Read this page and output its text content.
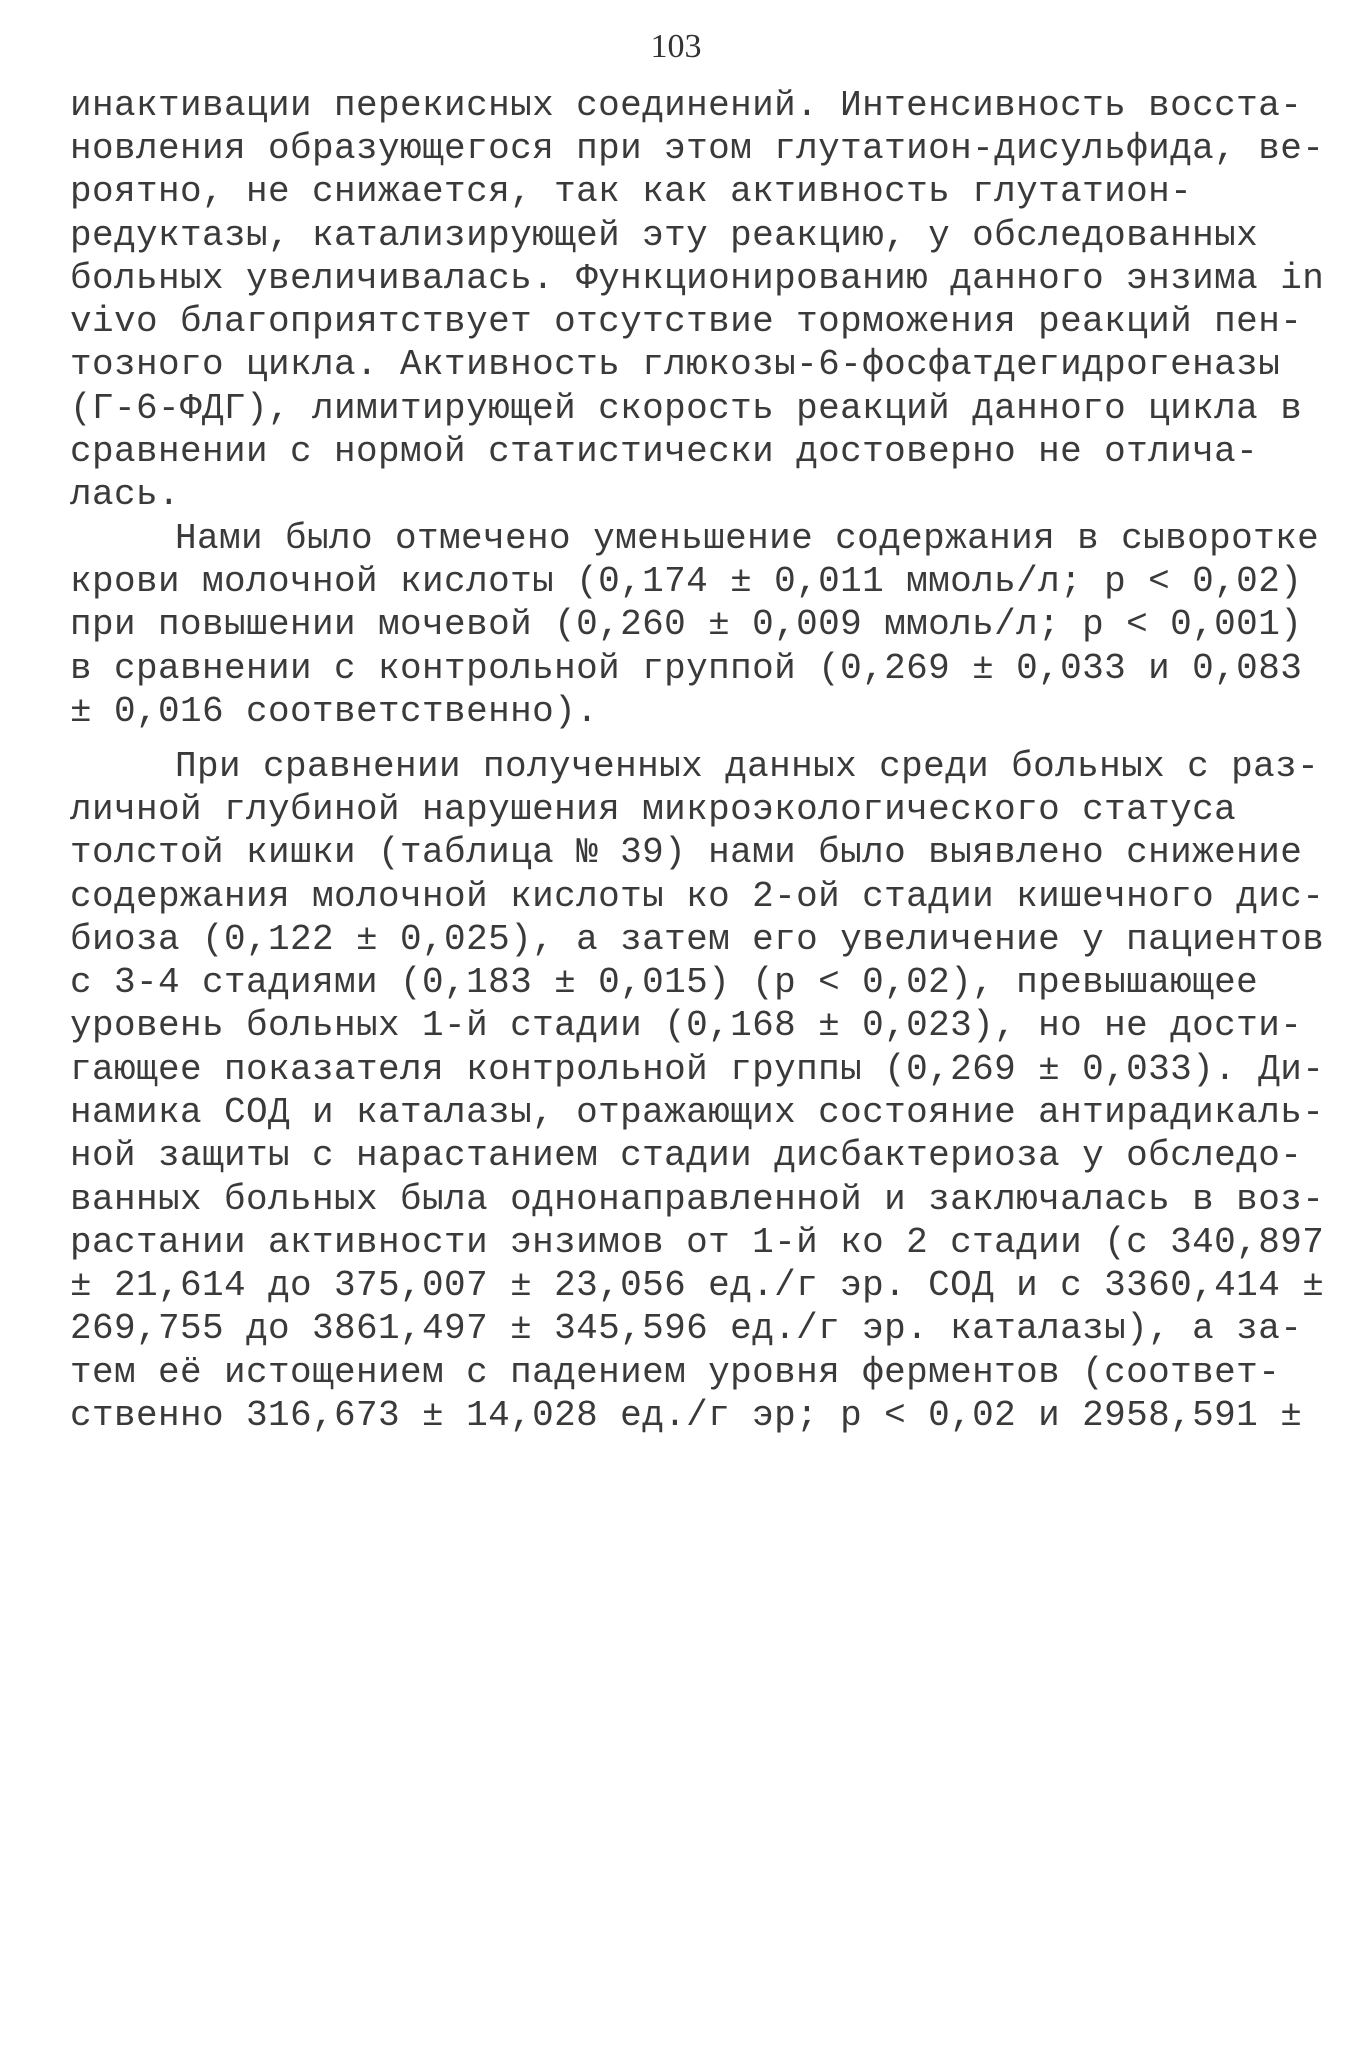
103
инактивации перекисных соединений. Интенсивность восста-
новления образующегося при этом глутатион-дисульфида, ве-
роятно, не снижается, так как активность глутатион-
редуктазы, катализирующей эту реакцию, у обследованных
больных увеличивалась. Функционированию данного энзима in
vivo благоприятствует отсутствие торможения реакций пен-
тозного цикла. Активность глюкозы-6-фосфатдегидрогеназы
(Г-6-ФДГ), лимитирующей скорость реакций данного цикла в
сравнении с нормой статистически достоверно не отлича-
лась.
Нами было отмечено уменьшение содержания в сыворотке
крови молочной кислоты (0,174 ± 0,011 ммоль/л; р < 0,02)
при повышении мочевой (0,260 ± 0,009 ммоль/л; р < 0,001)
в сравнении с контрольной группой (0,269 ± 0,033 и 0,083
± 0,016 соответственно).
При сравнении полученных данных среди больных с раз-
личной глубиной нарушения микроэкологического статуса
толстой кишки (таблица № 39) нами было выявлено снижение
содержания молочной кислоты ко 2-ой стадии кишечного дис-
биоза (0,122 ± 0,025), а затем его увеличение у пациентов
с 3-4 стадиями (0,183 ± 0,015) (р < 0,02), превышающее
уровень больных 1-й стадии (0,168 ± 0,023), но не дости-
гающее показателя контрольной группы (0,269 ± 0,033). Ди-
намика СОД и каталазы, отражающих состояние антирадикаль-
ной защиты с нарастанием стадии дисбактериоза у обследо-
ванных больных была однонаправленной и заключалась в воз-
растании активности энзимов от 1-й ко 2 стадии (с 340,897
± 21,614 до 375,007 ± 23,056 ед./г эр. СОД и с 3360,414 ±
269,755 до 3861,497 ± 345,596 ед./г эр. каталазы), а за-
тем её истощением с падением уровня ферментов (соответ-
ственно 316,673 ± 14,028 ед./г эр; р < 0,02 и 2958,591 ±
